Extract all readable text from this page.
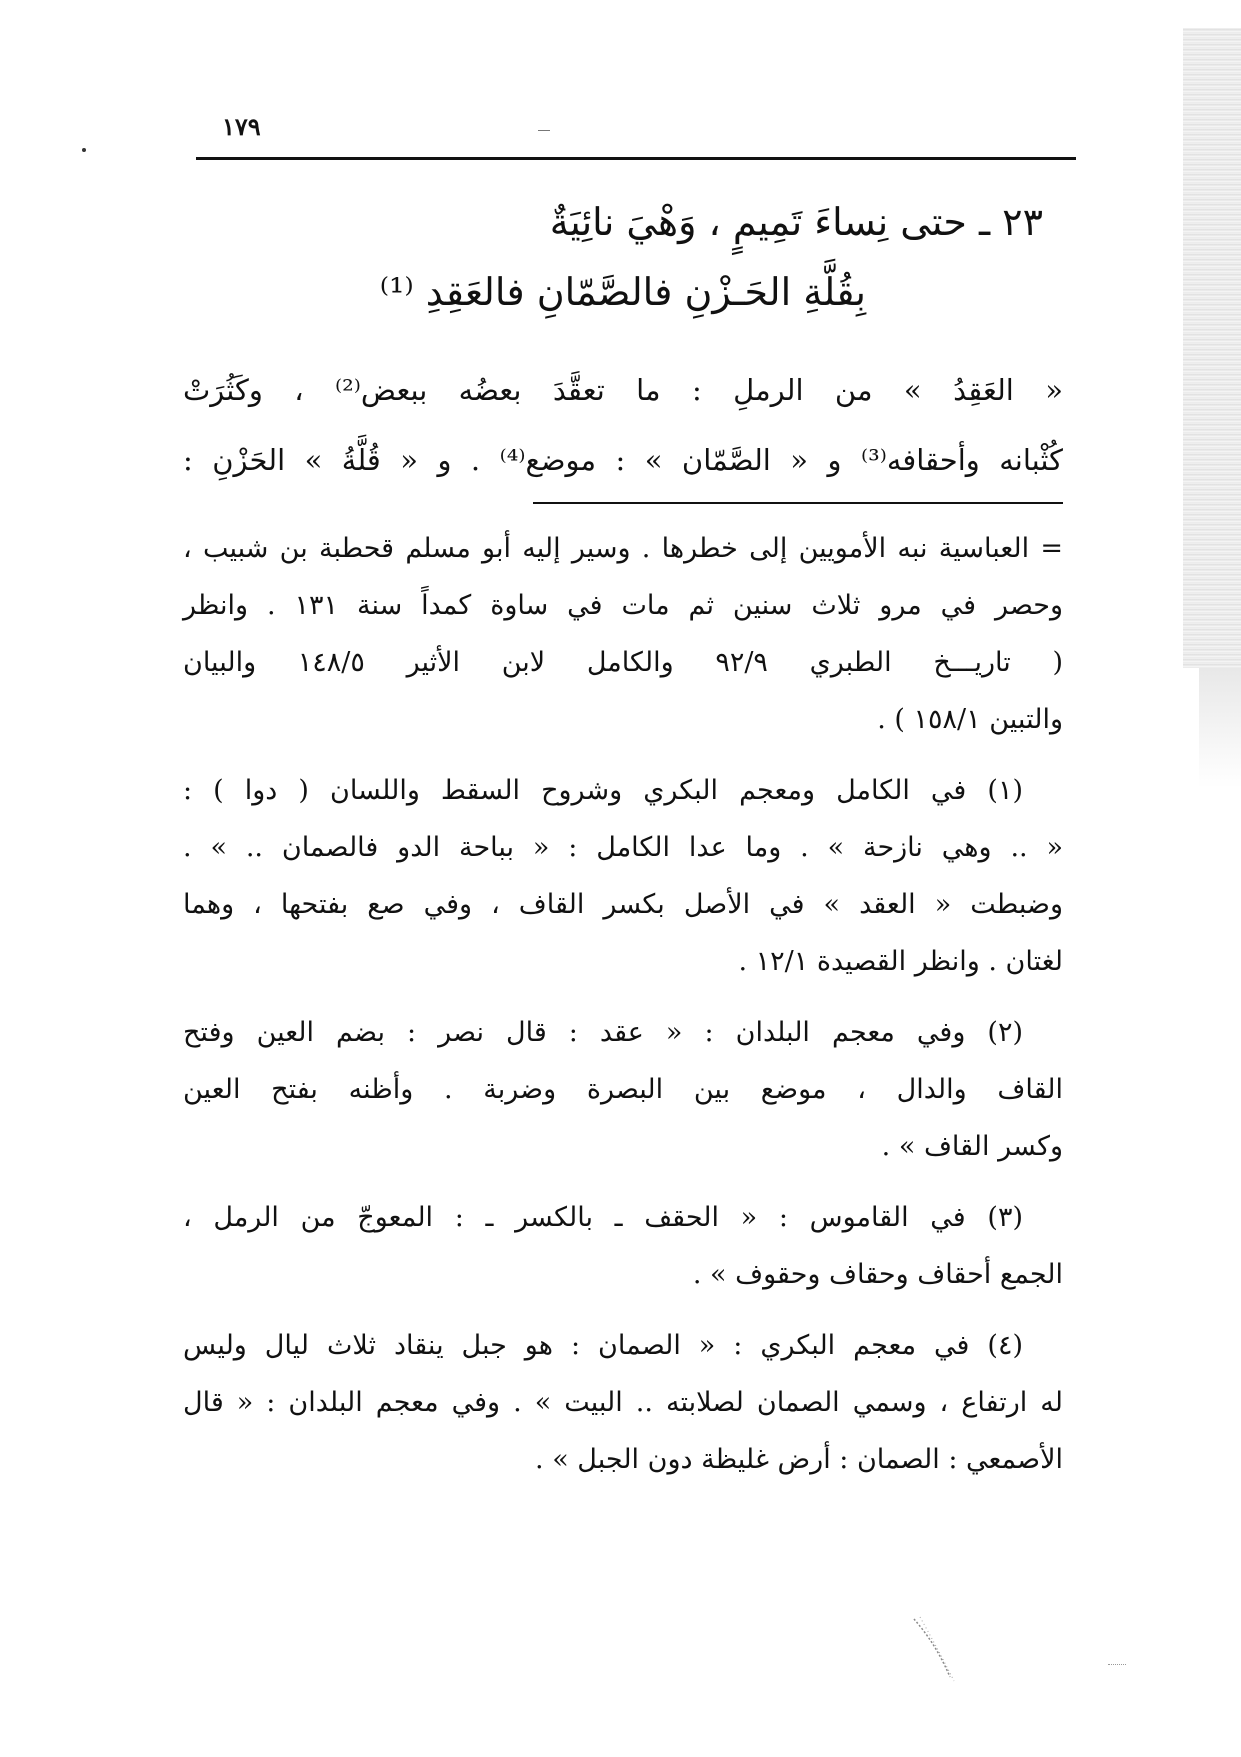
١٧٩
٢٣ ـ حتى نِساءَ تَمِيمٍ ، وَهْيَ نائِيَةٌ
بِقُلَّةِ الحَـزْنِ فالصَّمّانِ فالعَقِدِ ⁽¹⁾

« العَقِدُ » من الرملِ : ما تعقَّدَ بعضُه ببعض⁽²⁾ ، وكَثُرَتْ

كُثْبانه وأحقافه⁽³⁾ و « الصَّمّان » : موضع⁽⁴⁾ . و « قُلَّةُ » الحَزْنِ :

= العباسية نبه الأمويين إلى خطرها . وسير إليه أبو مسلم قحطبة بن شبيب ،
وحصر في مرو ثلاث سنين ثم مات في ساوة كمداً سنة ١٣١ . وانظر
( تاريـــخ الطبري ٩٢/٩ والكامل لابن الأثير ١٤٨/٥ والبيان
والتبين ١٥٨/١ ) .
(١) في الكامل ومعجم البكري وشروح السقط واللسان ( دوا ) :
« .. وهي نازحة » . وما عدا الكامل : « بباحة الدو فالصمان .. » .
وضبطت « العقد » في الأصل بكسر القاف ، وفي صع بفتحها ، وهما
لغتان . وانظر القصيدة ١٢/١ .
(٢) وفي معجم البلدان : « عقد : قال نصر : بضم العين وفتح
القاف والدال ، موضع بين البصرة وضربة . وأظنه بفتح العين
وكسر القاف » .
(٣) في القاموس : « الحقف ـ بالكسر ـ : المعوجّ من الرمل ،
الجمع أحقاف وحقاف وحقوف » .
(٤) في معجم البكري : « الصمان : هو جبل ينقاد ثلاث ليال وليس
له ارتفاع ، وسمي الصمان لصلابته .. البيت » . وفي معجم البلدان : « قال
الأصمعي : الصمان : أرض غليظة دون الجبل » .
